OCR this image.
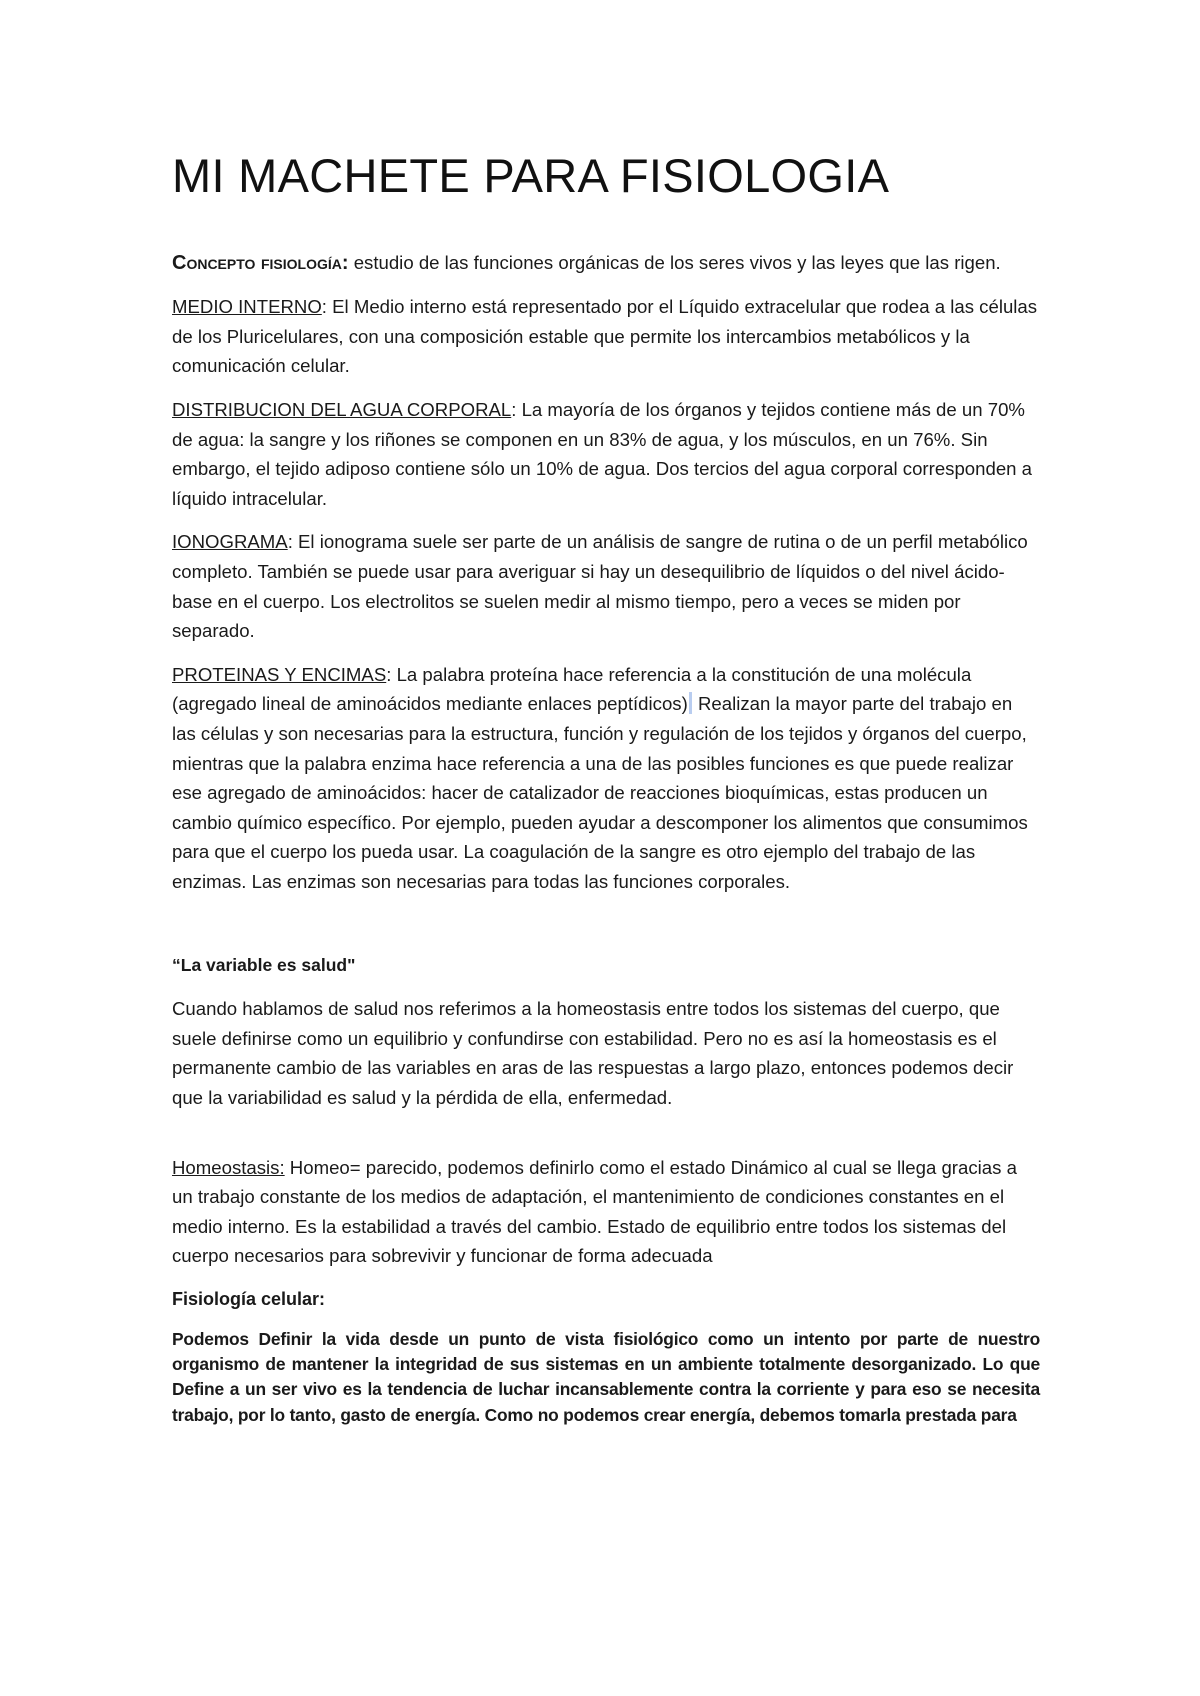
MI MACHETE PARA FISIOLOGIA

Concepto fisiología: estudio de las funciones orgánicas de los seres vivos y las leyes que las rigen.

MEDIO INTERNO: El Medio interno está representado por el Líquido extracelular que rodea a las células de los Pluricelulares, con una composición estable que permite los intercambios metabólicos y la comunicación celular.

DISTRIBUCION DEL AGUA CORPORAL: La mayoría de los órganos y tejidos contiene más de un 70% de agua: la sangre y los riñones se componen en un 83% de agua, y los músculos, en un 76%. Sin embargo, el tejido adiposo contiene sólo un 10% de agua. Dos tercios del agua corporal corresponden a líquido intracelular.

IONOGRAMA: El ionograma suele ser parte de un análisis de sangre de rutina o de un perfil metabólico completo. También se puede usar para averiguar si hay un desequilibrio de líquidos o del nivel ácido-base en el cuerpo. Los electrolitos se suelen medir al mismo tiempo, pero a veces se miden por separado.

PROTEINAS Y ENCIMAS: La palabra proteína hace referencia a la constitución de una molécula (agregado lineal de aminoácidos mediante enlaces peptídicos) Realizan la mayor parte del trabajo en las células y son necesarias para la estructura, función y regulación de los tejidos y órganos del cuerpo, mientras que la palabra enzima hace referencia a una de las posibles funciones es que puede realizar ese agregado de aminoácidos: hacer de catalizador de reacciones bioquímicas, estas producen un cambio químico específico. Por ejemplo, pueden ayudar a descomponer los alimentos que consumimos para que el cuerpo los pueda usar. La coagulación de la sangre es otro ejemplo del trabajo de las enzimas. Las enzimas son necesarias para todas las funciones corporales.

“La variable es salud"

Cuando hablamos de salud nos referimos a la homeostasis entre todos los sistemas del cuerpo, que suele definirse como un equilibrio y confundirse con estabilidad. Pero no es así la homeostasis es el permanente cambio de las variables en aras de las respuestas a largo plazo, entonces podemos decir que la variabilidad es salud y la pérdida de ella, enfermedad.

Homeostasis: Homeo= parecido, podemos definirlo como el estado Dinámico al cual se llega gracias a un trabajo constante de los medios de adaptación, el mantenimiento de condiciones constantes en el medio interno. Es la estabilidad a través del cambio. Estado de equilibrio entre todos los sistemas del cuerpo necesarios para sobrevivir y funcionar de forma adecuada

Fisiología celular:

Podemos Definir la vida desde un punto de vista fisiológico como un intento por parte de nuestro organismo de mantener la integridad de sus sistemas en un ambiente totalmente desorganizado. Lo que Define a un ser vivo es la tendencia de luchar incansablemente contra la corriente y para eso se necesita trabajo, por lo tanto, gasto de energía. Como no podemos crear energía, debemos tomarla prestada para
